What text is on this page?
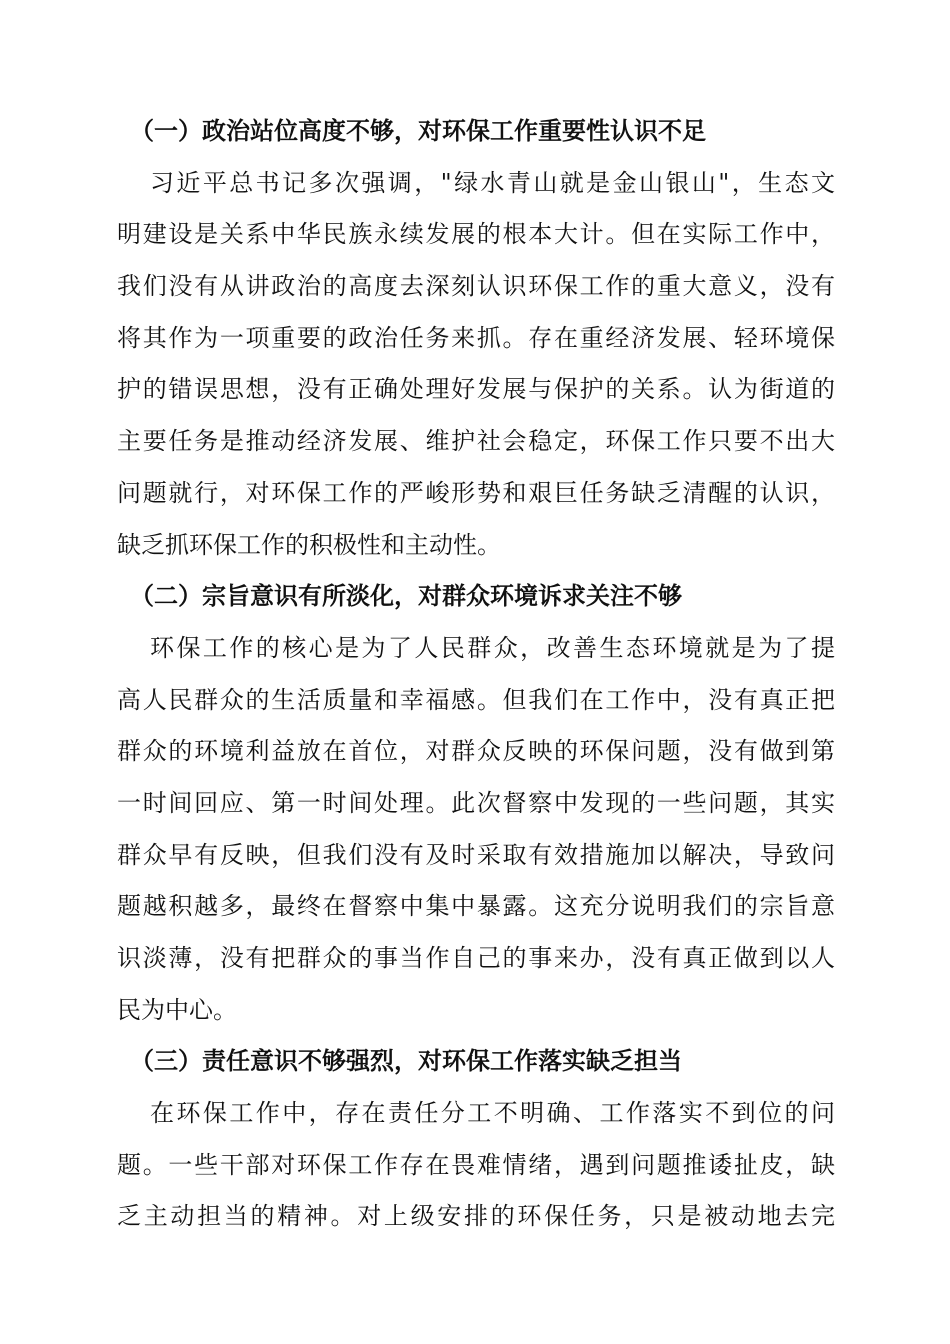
（一）政治站位高度不够，对环保工作重要性认识不足
习近平总书记多次强调，"绿水青山就是金山银山"，生态文
明建设是关系中华民族永续发展的根本大计。但在实际工作中，
我们没有从讲政治的高度去深刻认识环保工作的重大意义，没有
将其作为一项重要的政治任务来抓。存在重经济发展、轻环境保
护的错误思想，没有正确处理好发展与保护的关系。认为街道的
主要任务是推动经济发展、维护社会稳定，环保工作只要不出大
问题就行，对环保工作的严峻形势和艰巨任务缺乏清醒的认识，
缺乏抓环保工作的积极性和主动性。
（二）宗旨意识有所淡化，对群众环境诉求关注不够
环保工作的核心是为了人民群众，改善生态环境就是为了提
高人民群众的生活质量和幸福感。但我们在工作中，没有真正把
群众的环境利益放在首位，对群众反映的环保问题，没有做到第
一时间回应、第一时间处理。此次督察中发现的一些问题，其实
群众早有反映，但我们没有及时采取有效措施加以解决，导致问
题越积越多，最终在督察中集中暴露。这充分说明我们的宗旨意
识淡薄，没有把群众的事当作自己的事来办，没有真正做到以人
民为中心。
（三）责任意识不够强烈，对环保工作落实缺乏担当
在环保工作中，存在责任分工不明确、工作落实不到位的问
题。一些干部对环保工作存在畏难情绪，遇到问题推诿扯皮，缺
乏主动担当的精神。对上级安排的环保任务，只是被动地去完
